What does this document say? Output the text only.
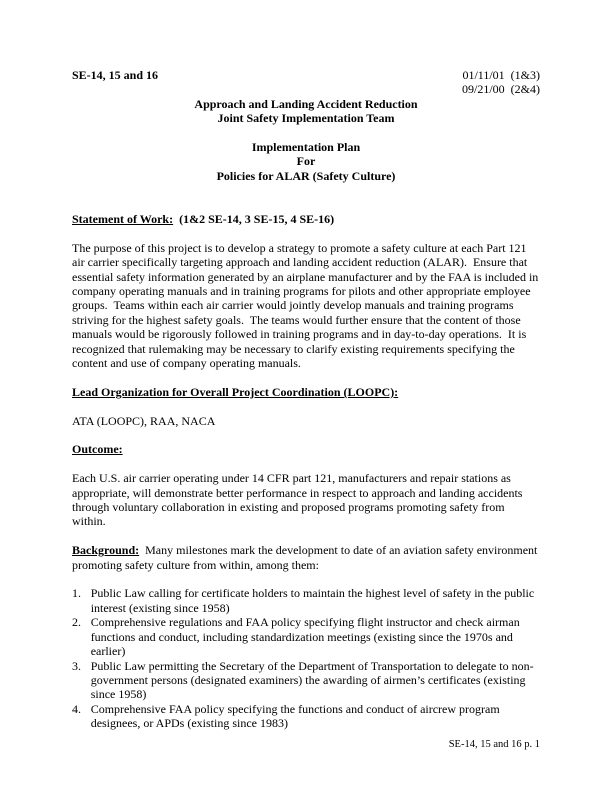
SE-14, 15 and 16	01/11/01  (1&3)
09/21/00  (2&4)
Approach and Landing Accident Reduction
Joint Safety Implementation Team
Implementation Plan
For
Policies for ALAR (Safety Culture)

Statement of Work:  (1&2 SE-14, 3 SE-15, 4 SE-16)

The purpose of this project is to develop a strategy to promote a safety culture at each Part 121 air carrier specifically targeting approach and landing accident reduction (ALAR).  Ensure that essential safety information generated by an airplane manufacturer and by the FAA is included in company operating manuals and in training programs for pilots and other appropriate employee groups.  Teams within each air carrier would jointly develop manuals and training programs striving for the highest safety goals.  The teams would further ensure that the content of those manuals would be rigorously followed in training programs and in day-to-day operations.  It is recognized that rulemaking may be necessary to clarify existing requirements specifying the content and use of company operating manuals.

Lead Organization for Overall Project Coordination (LOOPC):

ATA (LOOPC), RAA, NACA

Outcome:

Each U.S. air carrier operating under 14 CFR part 121, manufacturers and repair stations as appropriate, will demonstrate better performance in respect to approach and landing accidents through voluntary collaboration in existing and proposed programs promoting safety from within.

Background:  Many milestones mark the development to date of an aviation safety environment promoting safety culture from within, among them:

1. Public Law calling for certificate holders to maintain the highest level of safety in the public interest (existing since 1958)
2. Comprehensive regulations and FAA policy specifying flight instructor and check airman functions and conduct, including standardization meetings (existing since the 1970s and earlier)
3. Public Law permitting the Secretary of the Department of Transportation to delegate to non-government persons (designated examiners) the awarding of airmen’s certificates (existing since 1958)
4. Comprehensive FAA policy specifying the functions and conduct of aircrew program designees, or APDs (existing since 1983)
SE-14, 15 and 16 p. 1
